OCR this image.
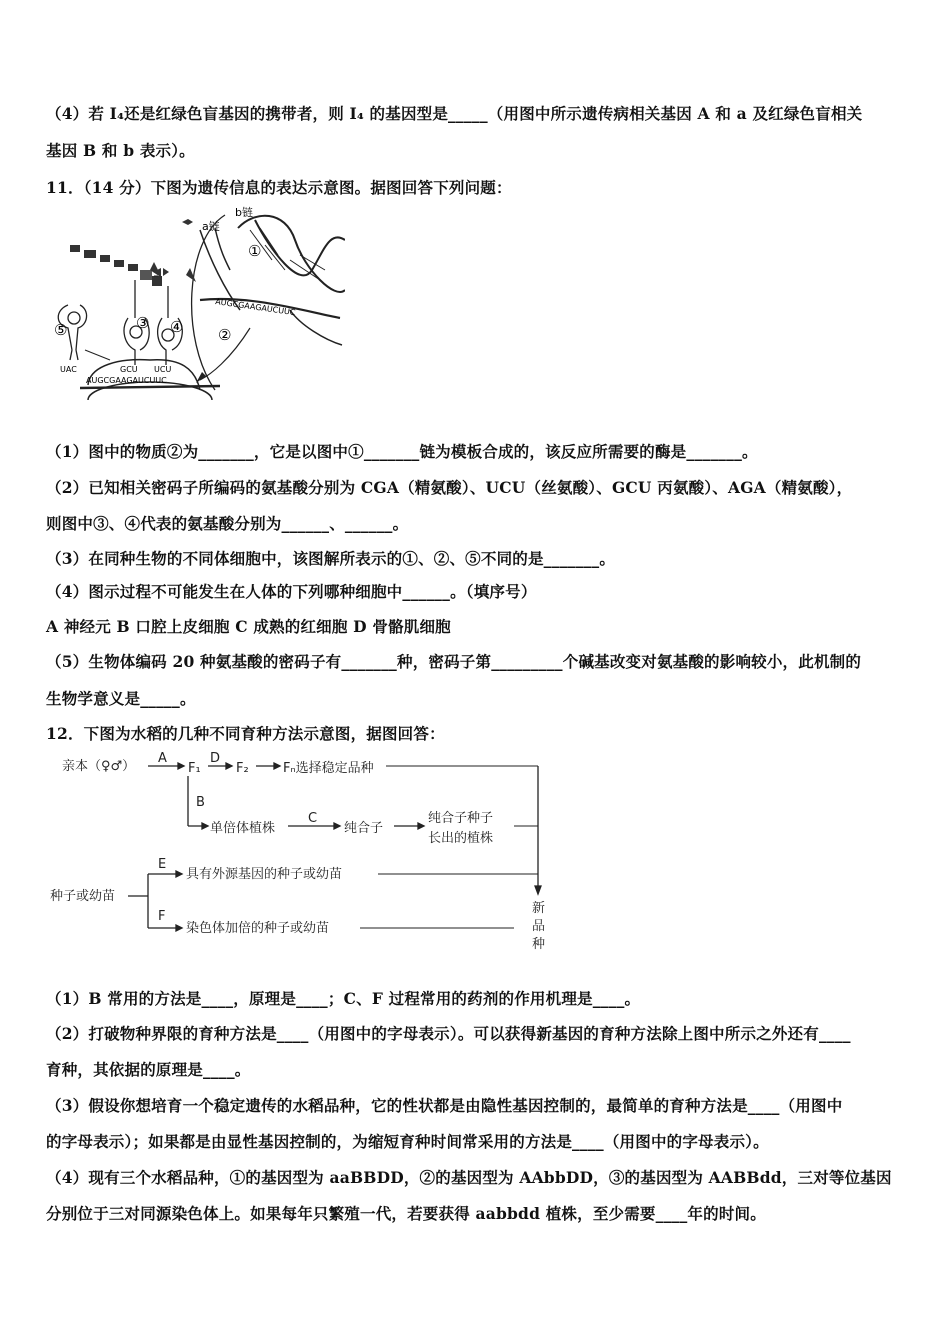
（4）若 I₄还是红绿色盲基因的携带者，则 I₄ 的基因型是_____（用图中所示遗传病相关基因 A 和 a 及红绿色盲相关
基因 B 和 b 表示）。
11．（14 分）下图为遗传信息的表达示意图。据图回答下列问题：
b链
a链
①
AUGCGAAGAUCUUC
②
⑤	③ ④
UAC	GCU UCU
AUGCGAAGAUCUUC
（1）图中的物质②为_______，它是以图中①_______链为模板合成的，该反应所需要的酶是_______。
（2）已知相关密码子所编码的氨基酸分别为 CGA（精氨酸）、UCU（丝氨酸）、GCU 丙氨酸）、AGA（精氨酸），
则图中③、④代表的氨基酸分别为______、______。
（3）在同种生物的不同体细胞中，该图解所表示的①、②、⑤不同的是_______。
（4）图示过程不可能发生在人体的下列哪种细胞中______。（填序号）
A 神经元 B 口腔上皮细胞 C 成熟的红细胞 D 骨骼肌细胞
（5）生物体编码 20 种氨基酸的密码子有_______种，密码子第_________个碱基改变对氨基酸的影响较小，此机制的
生物学意义是_____。
12．下图为水稻的几种不同育种方法示意图，据图回答：
亲本（♀♂）
A
F₁
D
F₂	Fₙ选择稳定品种
B
单倍体植株
C
纯合子
纯合子种子
长出的植株
E
具有外源基因的种子或幼苗
种子或幼苗
F
染色体加倍的种子或幼苗
新
品
种
（1）B 常用的方法是____，原理是____；C、F 过程常用的药剂的作用机理是____。
（2）打破物种界限的育种方法是____（用图中的字母表示）。可以获得新基因的育种方法除上图中所示之外还有____
育种，其依据的原理是____。
（3）假设你想培育一个稳定遗传的水稻品种，它的性状都是由隐性基因控制的，最简单的育种方法是____（用图中
的字母表示）；如果都是由显性基因控制的，为缩短育种时间常采用的方法是____（用图中的字母表示）。
（4）现有三个水稻品种，①的基因型为 aaBBDD，②的基因型为 AAbbDD，③的基因型为 AABBdd，三对等位基因
分别位于三对同源染色体上。如果每年只繁殖一代，若要获得 aabbdd 植株，至少需要____年的时间。
